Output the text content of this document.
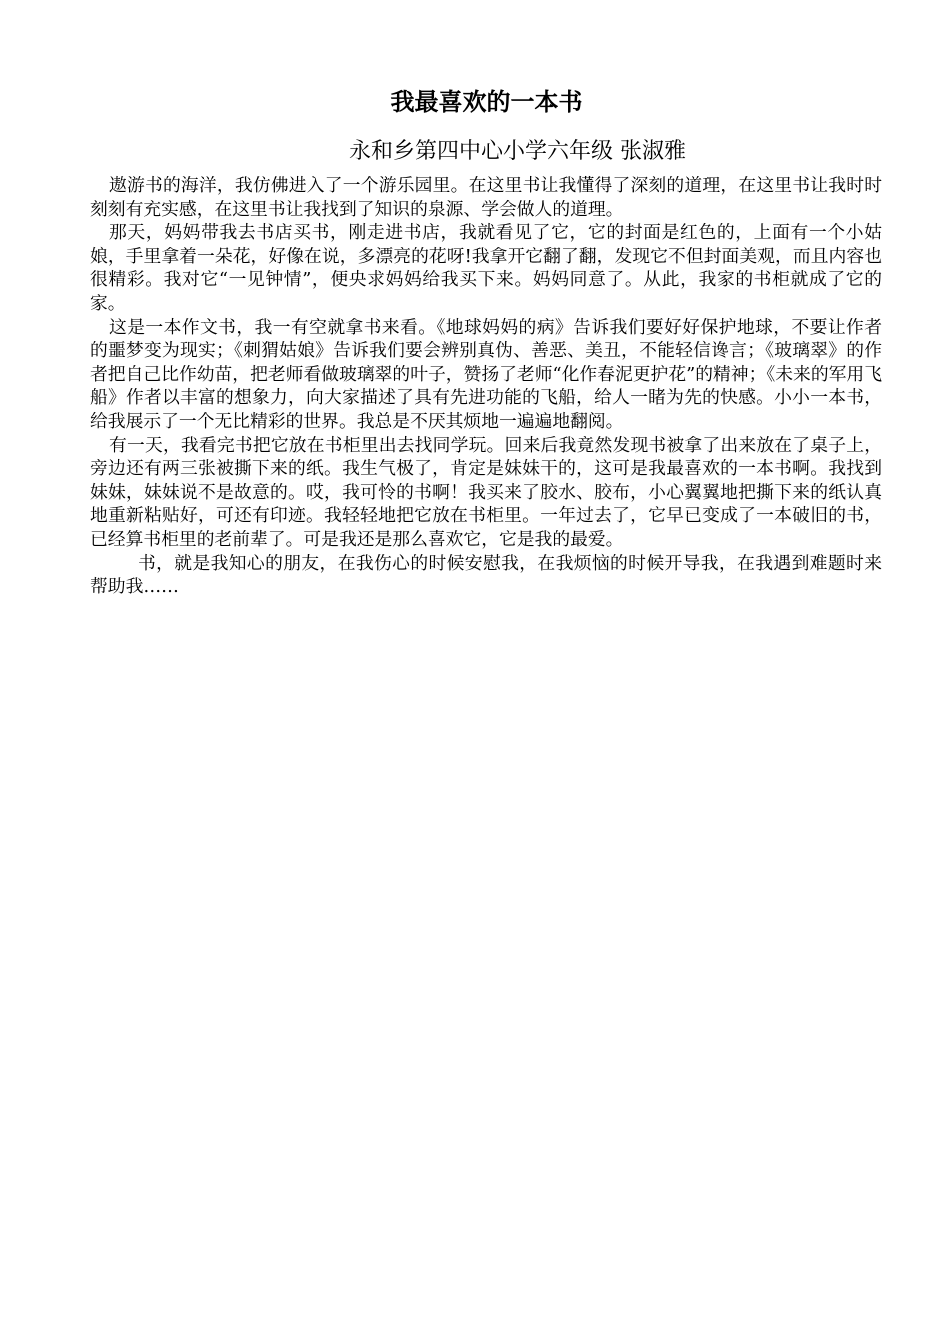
我最喜欢的一本书
永和乡第四中心小学六年级 张淑雅

遨游书的海洋，我仿佛进入了一个游乐园里。在这里书让我懂得了深刻的道理，在这里书让我时时刻刻有充实感，在这里书让我找到了知识的泉源、学会做人的道理。

那天，妈妈带我去书店买书，刚走进书店，我就看见了它，它的封面是红色的，上面有一个小姑娘，手里拿着一朵花，好像在说，多漂亮的花呀!我拿开它翻了翻，发现它不但封面美观，而且内容也很精彩。我对它“一见钟情”，便央求妈妈给我买下来。妈妈同意了。从此，我家的书柜就成了它的家。

这是一本作文书，我一有空就拿书来看。《地球妈妈的病》告诉我们要好好保护地球，不要让作者的噩梦变为现实；《刺猬姑娘》告诉我们要会辨别真伪、善恶、美丑，不能轻信谗言；《玻璃翠》的作者把自己比作幼苗，把老师看做玻璃翠的叶子，赞扬了老师“化作春泥更护花”的精神；《未来的军用飞船》作者以丰富的想象力，向大家描述了具有先进功能的飞船，给人一睹为先的快感。小小一本书，给我展示了一个无比精彩的世界。我总是不厌其烦地一遍遍地翻阅。

有一天，我看完书把它放在书柜里出去找同学玩。回来后我竟然发现书被拿了出来放在了桌子上，旁边还有两三张被撕下来的纸。我生气极了，肯定是妹妹干的，这可是我最喜欢的一本书啊。我找到妹妹，妹妹说不是故意的。哎，我可怜的书啊！我买来了胶水、胶布，小心翼翼地把撕下来的纸认真地重新粘贴好，可还有印迹。我轻轻地把它放在书柜里。一年过去了，它早已变成了一本破旧的书，已经算书柜里的老前辈了。可是我还是那么喜欢它，它是我的最爱。

书，就是我知心的朋友，在我伤心的时候安慰我，在我烦恼的时候开导我，在我遇到难题时来帮助我……
